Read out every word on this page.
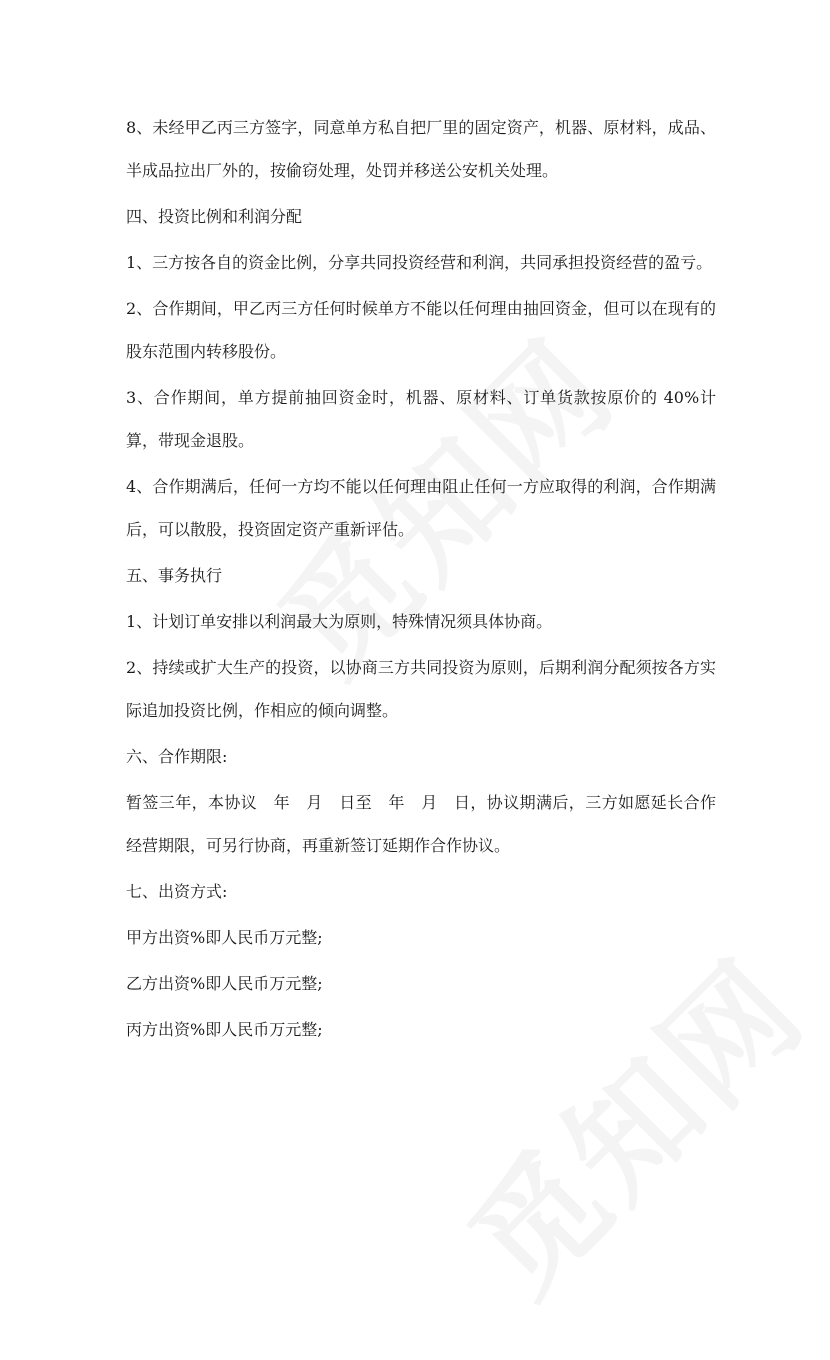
8、未经甲乙丙三方签字，同意单方私自把厂里的固定资产，机器、原材料，成品、半成品拉出厂外的，按偷窃处理，处罚并移送公安机关处理。

四、投资比例和利润分配

1、三方按各自的资金比例，分享共同投资经营和利润，共同承担投资经营的盈亏。

2、合作期间，甲乙丙三方任何时候单方不能以任何理由抽回资金，但可以在现有的股东范围内转移股份。

3、合作期间，单方提前抽回资金时，机器、原材料、订单货款按原价的 40%计算，带现金退股。

4、合作期满后，任何一方均不能以任何理由阻止任何一方应取得的利润，合作期满后，可以散股，投资固定资产重新评估。

五、事务执行

1、计划订单安排以利润最大为原则，特殊情况须具体协商。

2、持续或扩大生产的投资，以协商三方共同投资为原则，后期利润分配须按各方实际追加投资比例，作相应的倾向调整。

六、合作期限:

暂签三年，本协议　年　月　日至　年　月　日，协议期满后，三方如愿延长合作经营期限，可另行协商，再重新签订延期作合作协议。

七、出资方式:

甲方出资%即人民币万元整;

乙方出资%即人民币万元整;

丙方出资%即人民币万元整;
